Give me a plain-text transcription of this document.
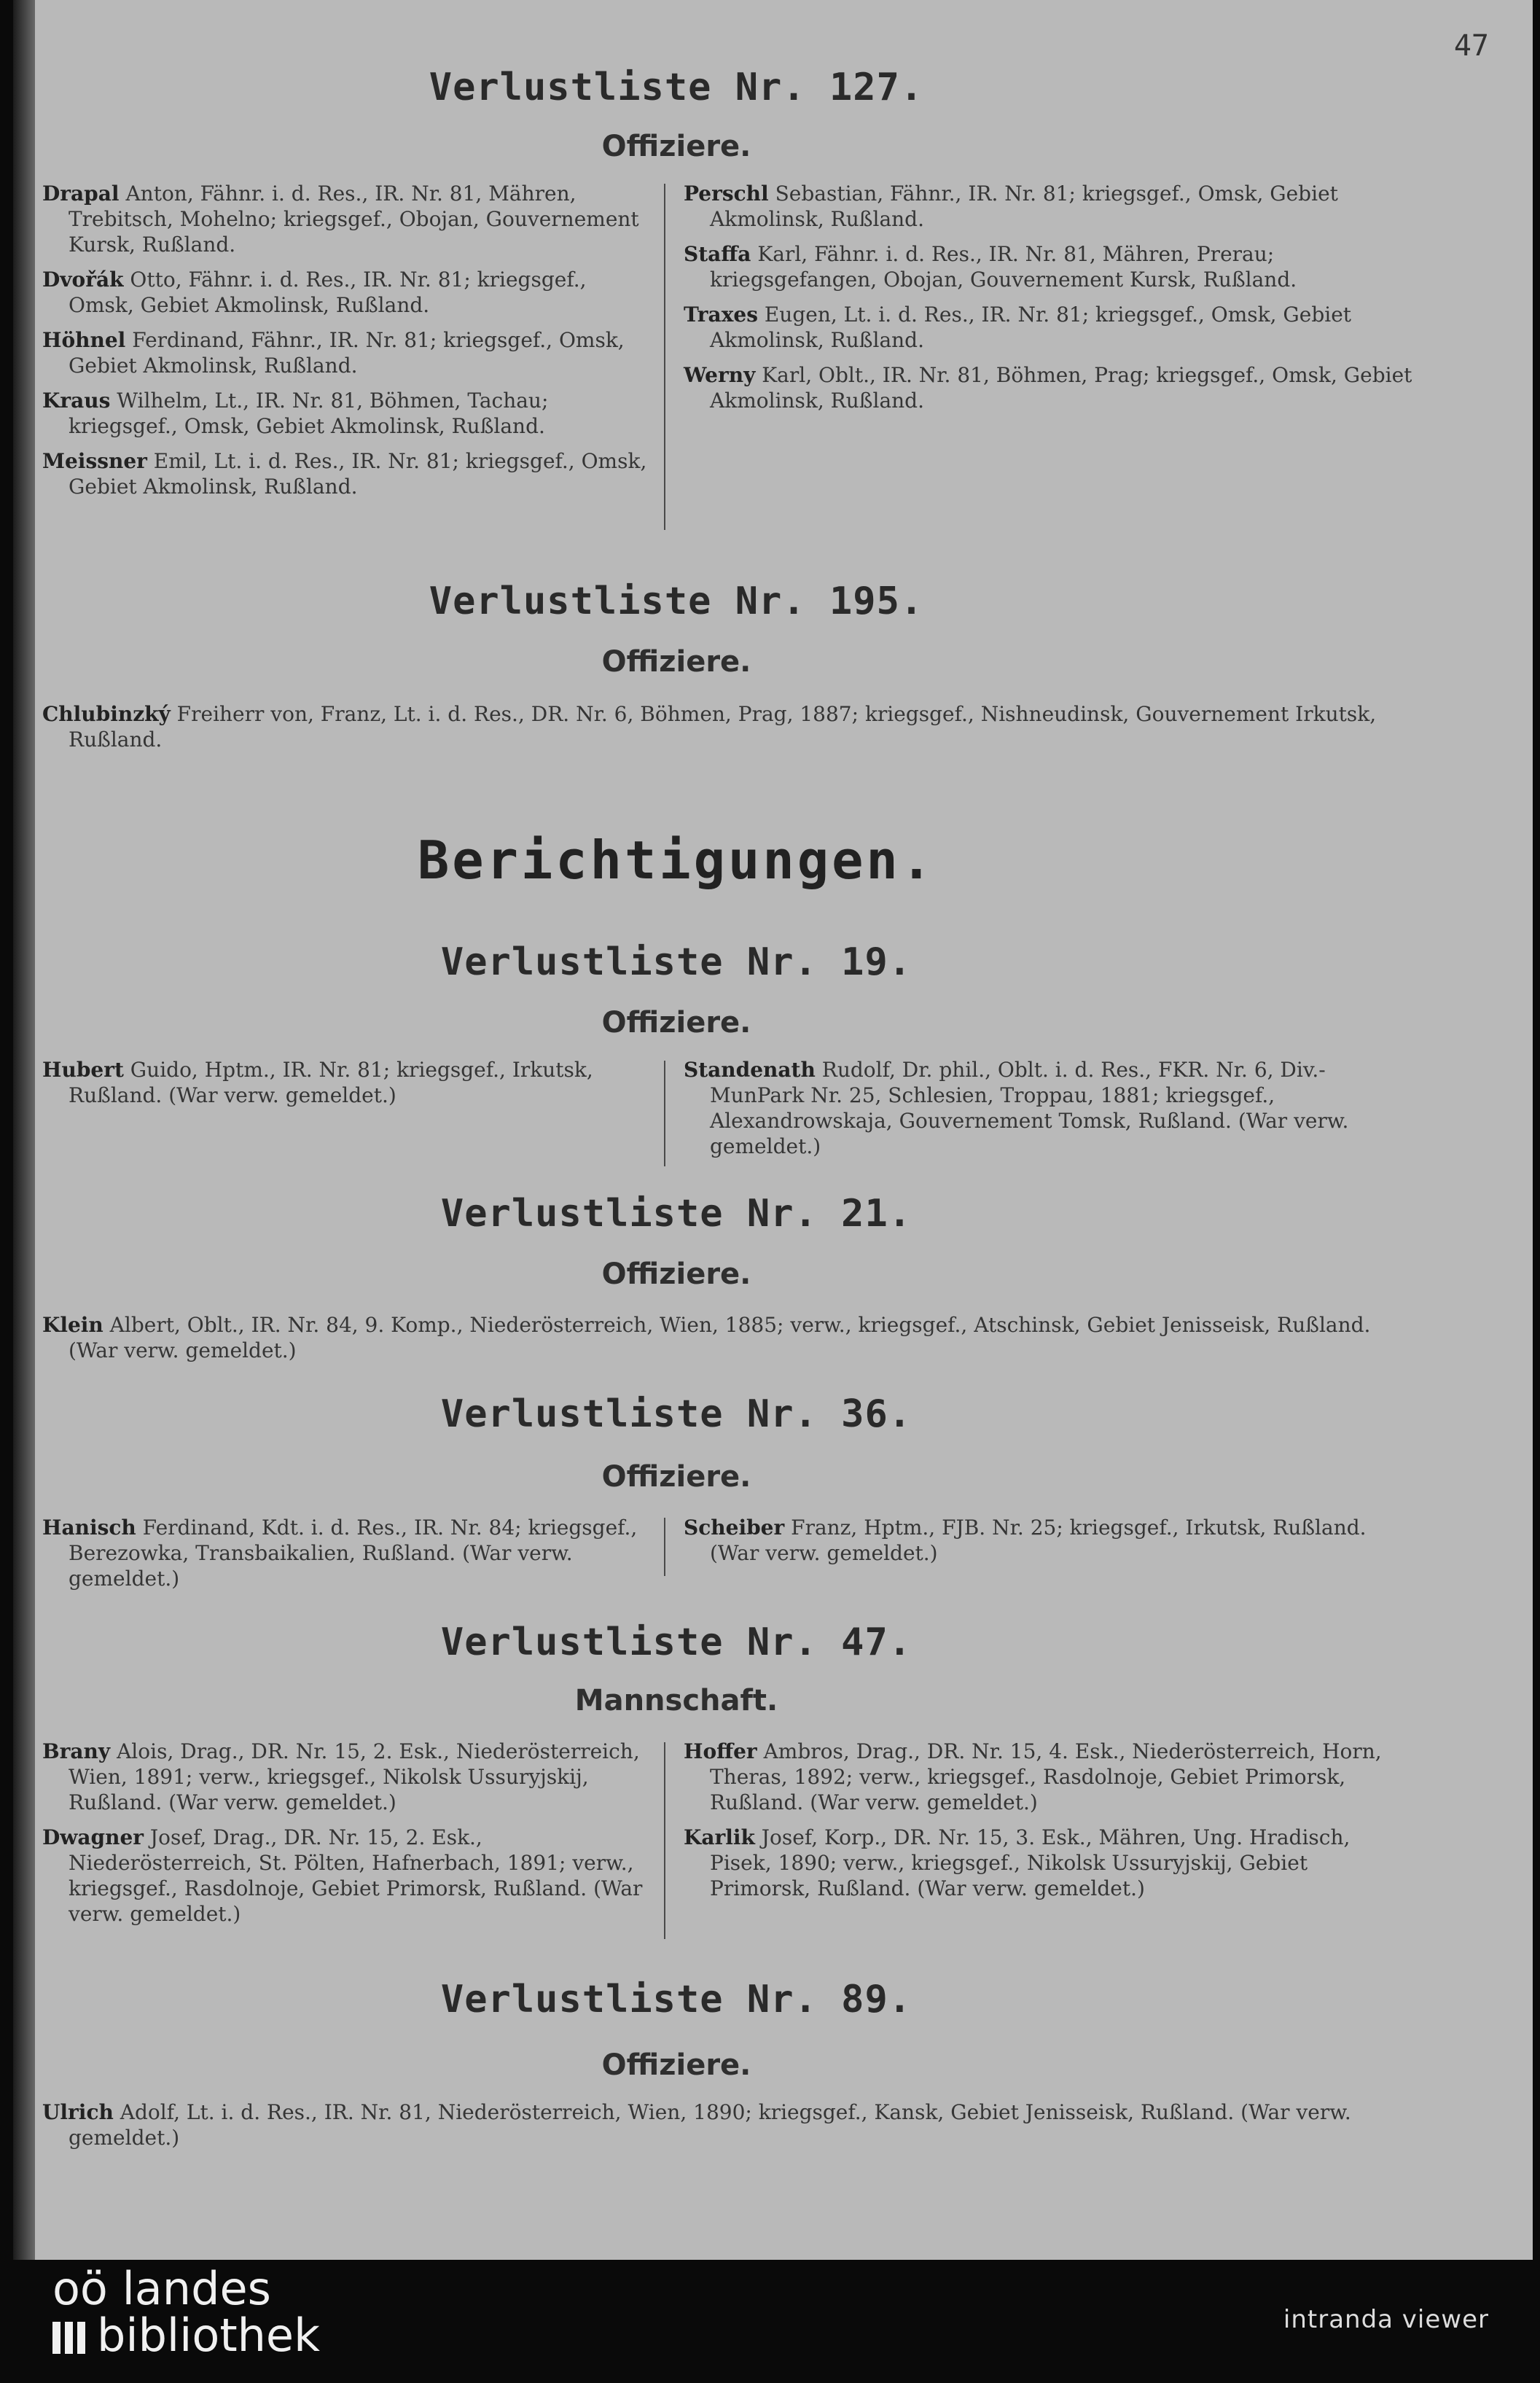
47
Verlustliste Nr. 127.
Offiziere.

Drapal Anton, Fähnr. i. d. Res., IR. Nr. 81, Mähren, Trebitsch, Mohelno; kriegsgef., Obojan, Gouvernement Kursk, Rußland.

Dvořák Otto, Fähnr. i. d. Res., IR. Nr. 81; kriegsgef., Omsk, Gebiet Akmolinsk, Rußland.

Höhnel Ferdinand, Fähnr., IR. Nr. 81; kriegsgef., Omsk, Gebiet Akmolinsk, Rußland.

Kraus Wilhelm, Lt., IR. Nr. 81, Böhmen, Tachau; kriegsgef., Omsk, Gebiet Akmolinsk, Rußland.

Meissner Emil, Lt. i. d. Res., IR. Nr. 81; kriegsgef., Omsk, Gebiet Akmolinsk, Rußland.

Perschl Sebastian, Fähnr., IR. Nr. 81; kriegsgef., Omsk, Gebiet Akmolinsk, Rußland.

Staffa Karl, Fähnr. i. d. Res., IR. Nr. 81, Mähren, Prerau; kriegsgefangen, Obojan, Gouvernement Kursk, Rußland.

Traxes Eugen, Lt. i. d. Res., IR. Nr. 81; kriegsgef., Omsk, Gebiet Akmolinsk, Rußland.

Werny Karl, Oblt., IR. Nr. 81, Böhmen, Prag; kriegsgef., Omsk, Gebiet Akmolinsk, Rußland.

Verlustliste Nr. 195.
Offiziere.

Chlubinzký Freiherr von, Franz, Lt. i. d. Res., DR. Nr. 6, Böhmen, Prag, 1887; kriegsgef., Nishneudinsk, Gouvernement Irkutsk, Rußland.

Berichtigungen.
Verlustliste Nr. 19.
Offiziere.

Hubert Guido, Hptm., IR. Nr. 81; kriegsgef., Irkutsk, Rußland. (War verw. gemeldet.)

Standenath Rudolf, Dr. phil., Oblt. i. d. Res., FKR. Nr. 6, Div.-MunPark Nr. 25, Schlesien, Troppau, 1881; kriegsgef., Alexandrowskaja, Gouvernement Tomsk, Rußland. (War verw. gemeldet.)

Verlustliste Nr. 21.
Offiziere.

Klein Albert, Oblt., IR. Nr. 84, 9. Komp., Niederösterreich, Wien, 1885; verw., kriegsgef., Atschinsk, Gebiet Jenisseisk, Rußland. (War verw. gemeldet.)

Verlustliste Nr. 36.
Offiziere.

Hanisch Ferdinand, Kdt. i. d. Res., IR. Nr. 84; kriegsgef., Berezowka, Transbaikalien, Rußland. (War verw. gemeldet.)

Scheiber Franz, Hptm., FJB. Nr. 25; kriegsgef., Irkutsk, Rußland. (War verw. gemeldet.)

Verlustliste Nr. 47.
Mannschaft.

Brany Alois, Drag., DR. Nr. 15, 2. Esk., Niederösterreich, Wien, 1891; verw., kriegsgef., Nikolsk Ussuryjskij, Rußland. (War verw. gemeldet.)

Dwagner Josef, Drag., DR. Nr. 15, 2. Esk., Niederösterreich, St. Pölten, Hafnerbach, 1891; verw., kriegsgef., Rasdolnoje, Gebiet Primorsk, Rußland. (War verw. gemeldet.)

Hoffer Ambros, Drag., DR. Nr. 15, 4. Esk., Niederösterreich, Horn, Theras, 1892; verw., kriegsgef., Rasdolnoje, Gebiet Primorsk, Rußland. (War verw. gemeldet.)

Karlik Josef, Korp., DR. Nr. 15, 3. Esk., Mähren, Ung. Hradisch, Pisek, 1890; verw., kriegsgef., Nikolsk Ussuryjskij, Gebiet Primorsk, Rußland. (War verw. gemeldet.)

Verlustliste Nr. 89.
Offiziere.

Ulrich Adolf, Lt. i. d. Res., IR. Nr. 81, Niederösterreich, Wien, 1890; kriegsgef., Kansk, Gebiet Jenisseisk, Rußland. (War verw. gemeldet.)

oö landes
bibliothek	intranda viewer
